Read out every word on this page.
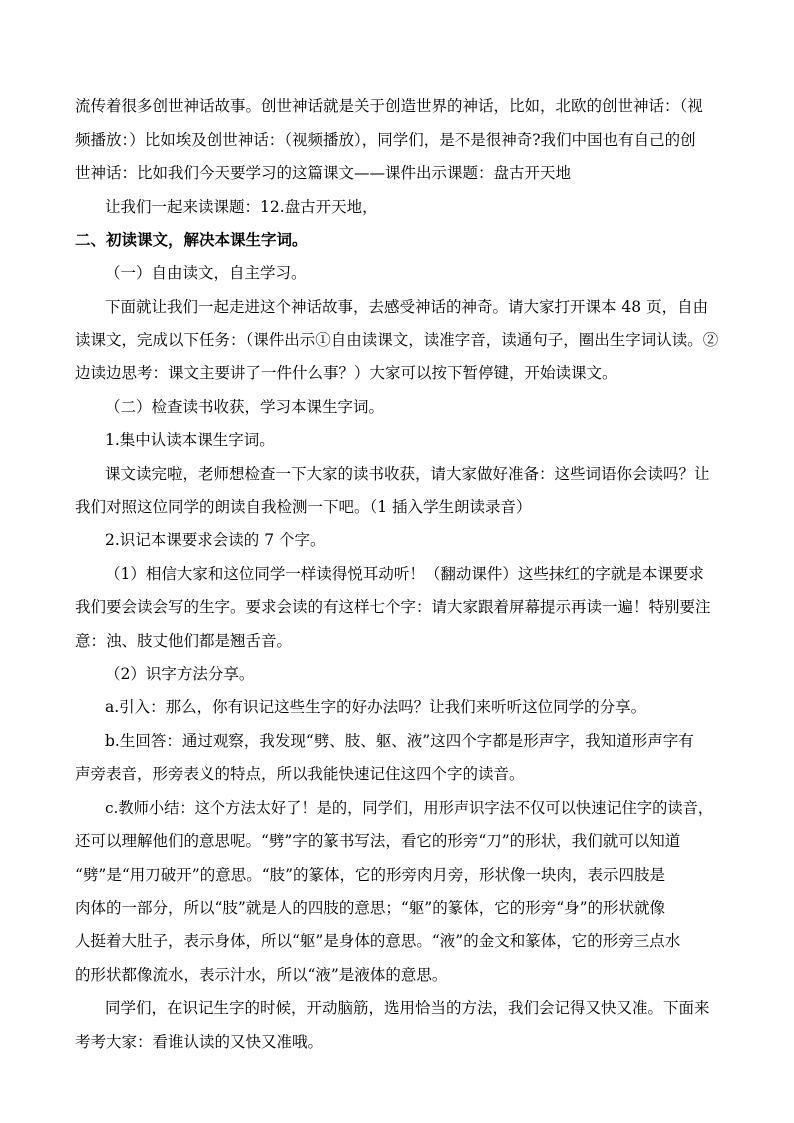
流传着很多创世神话故事。创世神话就是关于创造世界的神话，比如，北欧的创世神话：（视
频播放：）比如埃及创世神话：（视频播放），同学们，是不是很神奇?我们中国也有自己的创
世神话：比如我们今天要学习的这篇课文——课件出示课题：盘古开天地
让我们一起来读课题：12.盘古开天地，
二、初读课文，解决本课生字词。
（一）自由读文，自主学习。
下面就让我们一起走进这个神话故事，去感受神话的神奇。请大家打开课本 48 页，自由
读课文，完成以下任务：（课件出示①自由读课文，读准字音，读通句子，圈出生字词认读。②
边读边思考：课文主要讲了一件什么事？）大家可以按下暂停键，开始读课文。
（二）检查读书收获，学习本课生字词。
1.集中认读本课生字词。
课文读完啦，老师想检查一下大家的读书收获，请大家做好准备：这些词语你会读吗？让
我们对照这位同学的朗读自我检测一下吧。（1 插入学生朗读录音）
2.识记本课要求会读的 7 个字。
（1）相信大家和这位同学一样读得悦耳动听！（翻动课件）这些抹红的字就是本课要求
我们要会读会写的生字。要求会读的有这样七个字：请大家跟着屏幕提示再读一遍！特别要注
意：浊、肢丈他们都是翘舌音。
（2）识字方法分享。
a.引入：那么，你有识记这些生字的好办法吗？让我们来听听这位同学的分享。
b.生回答：通过观察，我发现“劈、肢、躯、液”这四个字都是形声字，我知道形声字有
声旁表音，形旁表义的特点，所以我能快速记住这四个字的读音。
c.教师小结：这个方法太好了！是的，同学们，用形声识字法不仅可以快速记住字的读音，
还可以理解他们的意思呢。“劈”字的篆书写法，看它的形旁“刀”的形状，我们就可以知道
“劈”是“用刀破开”的意思。“肢”的篆体，它的形旁肉月旁，形状像一块肉，表示四肢是
肉体的一部分，所以“肢”就是人的四肢的意思；“躯”的篆体，它的形旁“身”的形状就像
人挺着大肚子，表示身体，所以“躯”是身体的意思。“液”的金文和篆体，它的形旁三点水
的形状都像流水，表示汁水，所以“液”是液体的意思。
同学们，在识记生字的时候，开动脑筋，选用恰当的方法，我们会记得又快又准。下面来
考考大家：看谁认读的又快又准哦。
